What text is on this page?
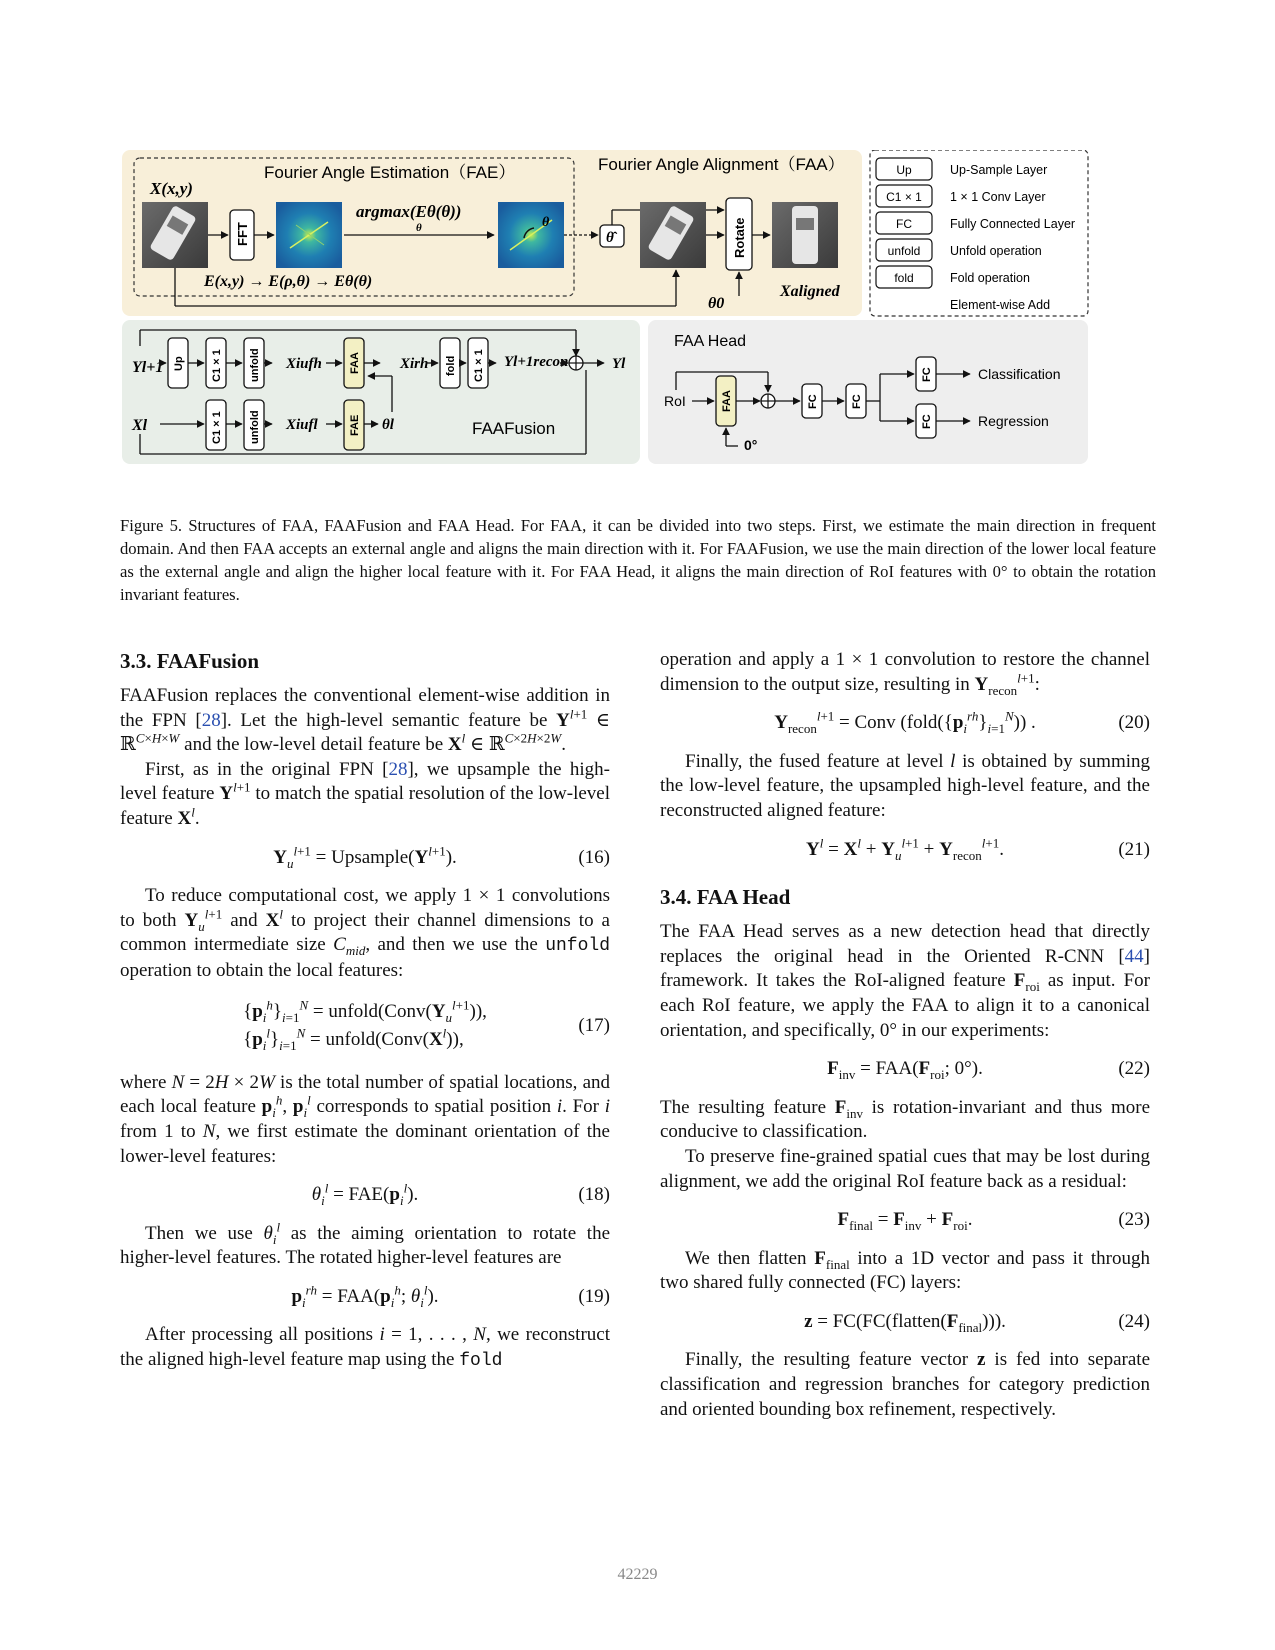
Fourier Angle Estimation（FAE）	Fourier Angle Alignment（FAA）
X(x,y)
FFT
argmax(Eθ(θ))
θ	θ
E(x,y) → E(ρ,θ) → Eθ(θ)
θ̂	Rotate
θ0
Xaligned
Up	Up-Sample Layer
C1 × 1 1 × 1 Conv Layer
FC	Fully Connected Layer
unfold Unfold operation
fold	Fold operation
Element-wise Add
Yl+1
Xl
Up C1 × 1 unfold Xiufh FAA	Xirh fold C1 × 1 Yl+1recon	Yl
C1 × 1 unfold Xiufl	FAE θl	FAAFusion
FAA Head
RoI	FAA
0°
FC	FC
FC
FC
Classification
Regression
Figure 5. Structures of FAA, FAAFusion and FAA Head. For FAA, it can be divided into two steps. First, we estimate the main direction in frequent domain. And then FAA accepts an external angle and aligns the main direction with it. For FAAFusion, we use the main direction of the lower local feature as the external angle and align the higher local feature with it. For FAA Head, it aligns the main direction of RoI features with 0° to obtain the rotation invariant features.
3.3. FAAFusion

FAAFusion replaces the conventional element-wise addition in the FPN [28]. Let the high-level semantic feature be $Y^{l+1}$ ∈ ℝ$^{C\times H\times W}$ and the low-level detail feature be $X^l$ ∈ ℝ$^{C\times 2H\times 2W}$.

First, as in the original FPN [28], we upsample the high-level feature $Y^{l+1}$ to match the spatial resolution of the low-level feature $X^l$.

$Y_u^{l+1}$ = $Upsample(Y^{l+1})$.	(16)

To reduce computational cost, we apply 1 × 1 convolutions to both $Y_u^{l+1}$ and $X^l$ to project their channel dimensions to a common intermediate size $C_{mid}$, and then we use the unfold operation to obtain the local features:

$\{p_i^h\}_{i=1}^N$ = $unfold(Conv(Y_u^{l+1}))$,
$\{p_i^l\}_{i=1}^N$ = $unfold(Conv(X^l))$,
(17)

where N = 2H × 2W is the total number of spatial locations, and each local feature $p_i^h$, $p_i^l$ corresponds to spatial position i. For i from 1 to N, we first estimate the dominant orientation of the lower-level features:

$\theta_i^l = FAE(p_i^l)$.	(18)

Then we use $\theta_i^l$ as the aiming orientation to rotate the higher-level features. The rotated higher-level features are

$p_i^{rh} = FAA(p_i^h$; $\theta_i^l$).	(19)

After processing all positions i = 1, . . . , N, we reconstruct the aligned high-level feature map using the fold

operation and apply a 1 × 1 convolution to restore the channel dimension to the output size, resulting in $Y_{recon}^{l+1}$:

$Y_{recon}^{l+1}$ = Conv $(fold(\{p_i^{rh}\}_{i=1}^N))$ .	(20)

Finally, the fused feature at level l is obtained by summing the low-level feature, the upsampled high-level feature, and the reconstructed aligned feature:

$Y^l = X^l + Y_u^{l+1} + Y_{recon}^{l+1}$.	(21)
3.4. FAA Head

The FAA Head serves as a new detection head that directly replaces the original head in the Oriented R-CNN [44] framework. It takes the RoI-aligned feature $F_{roi}$ as input. For each RoI feature, we apply the FAA to align it to a canonical orientation, and specifically, 0° in our experiments:

$F_{inv} = FAA(F_{roi}$; 0°).	(22)

The resulting feature $F_{inv}$ is rotation-invariant and thus more conducive to classification.

To preserve fine-grained spatial cues that may be lost during alignment, we add the original RoI feature back as a residual:

$F_{final} = F_{inv} + F_{roi}$.	(23)

We then flatten $F_{final}$ into a 1D vector and pass it through two shared fully connected (FC) layers:

$z = FC(FC(flatten(F_{final})))$.	(24)

Finally, the resulting feature vector z is fed into separate classification and regression branches for category prediction and oriented bounding box refinement, respectively.

42229
